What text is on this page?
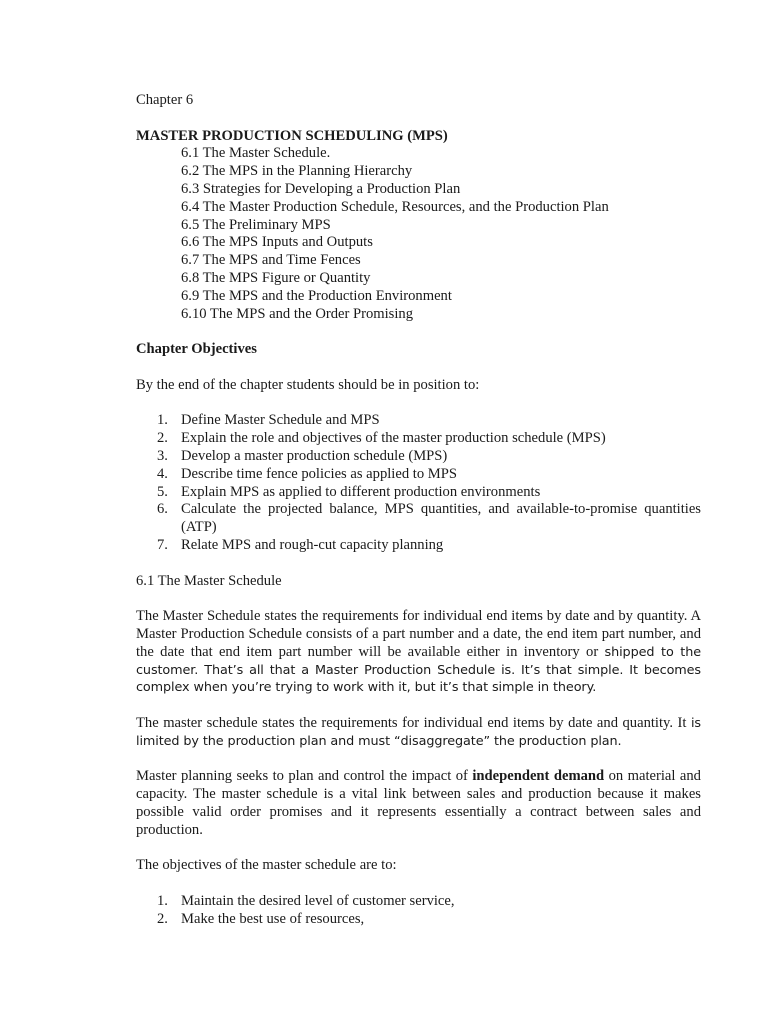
Chapter 6

MASTER PRODUCTION SCHEDULING (MPS)

6.1 The Master Schedule.

6.2 The MPS in the Planning Hierarchy

6.3 Strategies for Developing a Production Plan

6.4 The Master Production Schedule, Resources, and the Production Plan

6.5 The Preliminary MPS

6.6 The MPS Inputs and Outputs

6.7 The MPS and Time Fences

6.8 The MPS Figure or Quantity

6.9 The MPS and the Production Environment

6.10 The MPS and the Order Promising

Chapter Objectives

By the end of the chapter students should be in position to:

1. Define Master Schedule and MPS
2. Explain the role and objectives of the master production schedule (MPS)
3. Develop a master production schedule (MPS)
4. Describe time fence policies as applied to MPS
5. Explain MPS as applied to different production environments
6. Calculate the projected balance, MPS quantities, and available-to-promise quantities (ATP)
7. Relate MPS and rough-cut capacity planning

6.1 The Master Schedule

The Master Schedule states the requirements for individual end items by date and by quantity. A Master Production Schedule consists of a part number and a date, the end item part number, and the date that end item part number will be available either in inventory or shipped to the customer. That’s all that a Master Production Schedule is. It’s that simple. It becomes complex when you’re trying to work with it, but it’s that simple in theory.

The master schedule states the requirements for individual end items by date and quantity. It is limited by the production plan and must “disaggregate” the production plan.

Master planning seeks to plan and control the impact of independent demand on material and capacity. The master schedule is a vital link between sales and production because it makes possible valid order promises and it represents essentially a contract between sales and production.

The objectives of the master schedule are to:

1. Maintain the desired level of customer service,
2. Make the best use of resources,
